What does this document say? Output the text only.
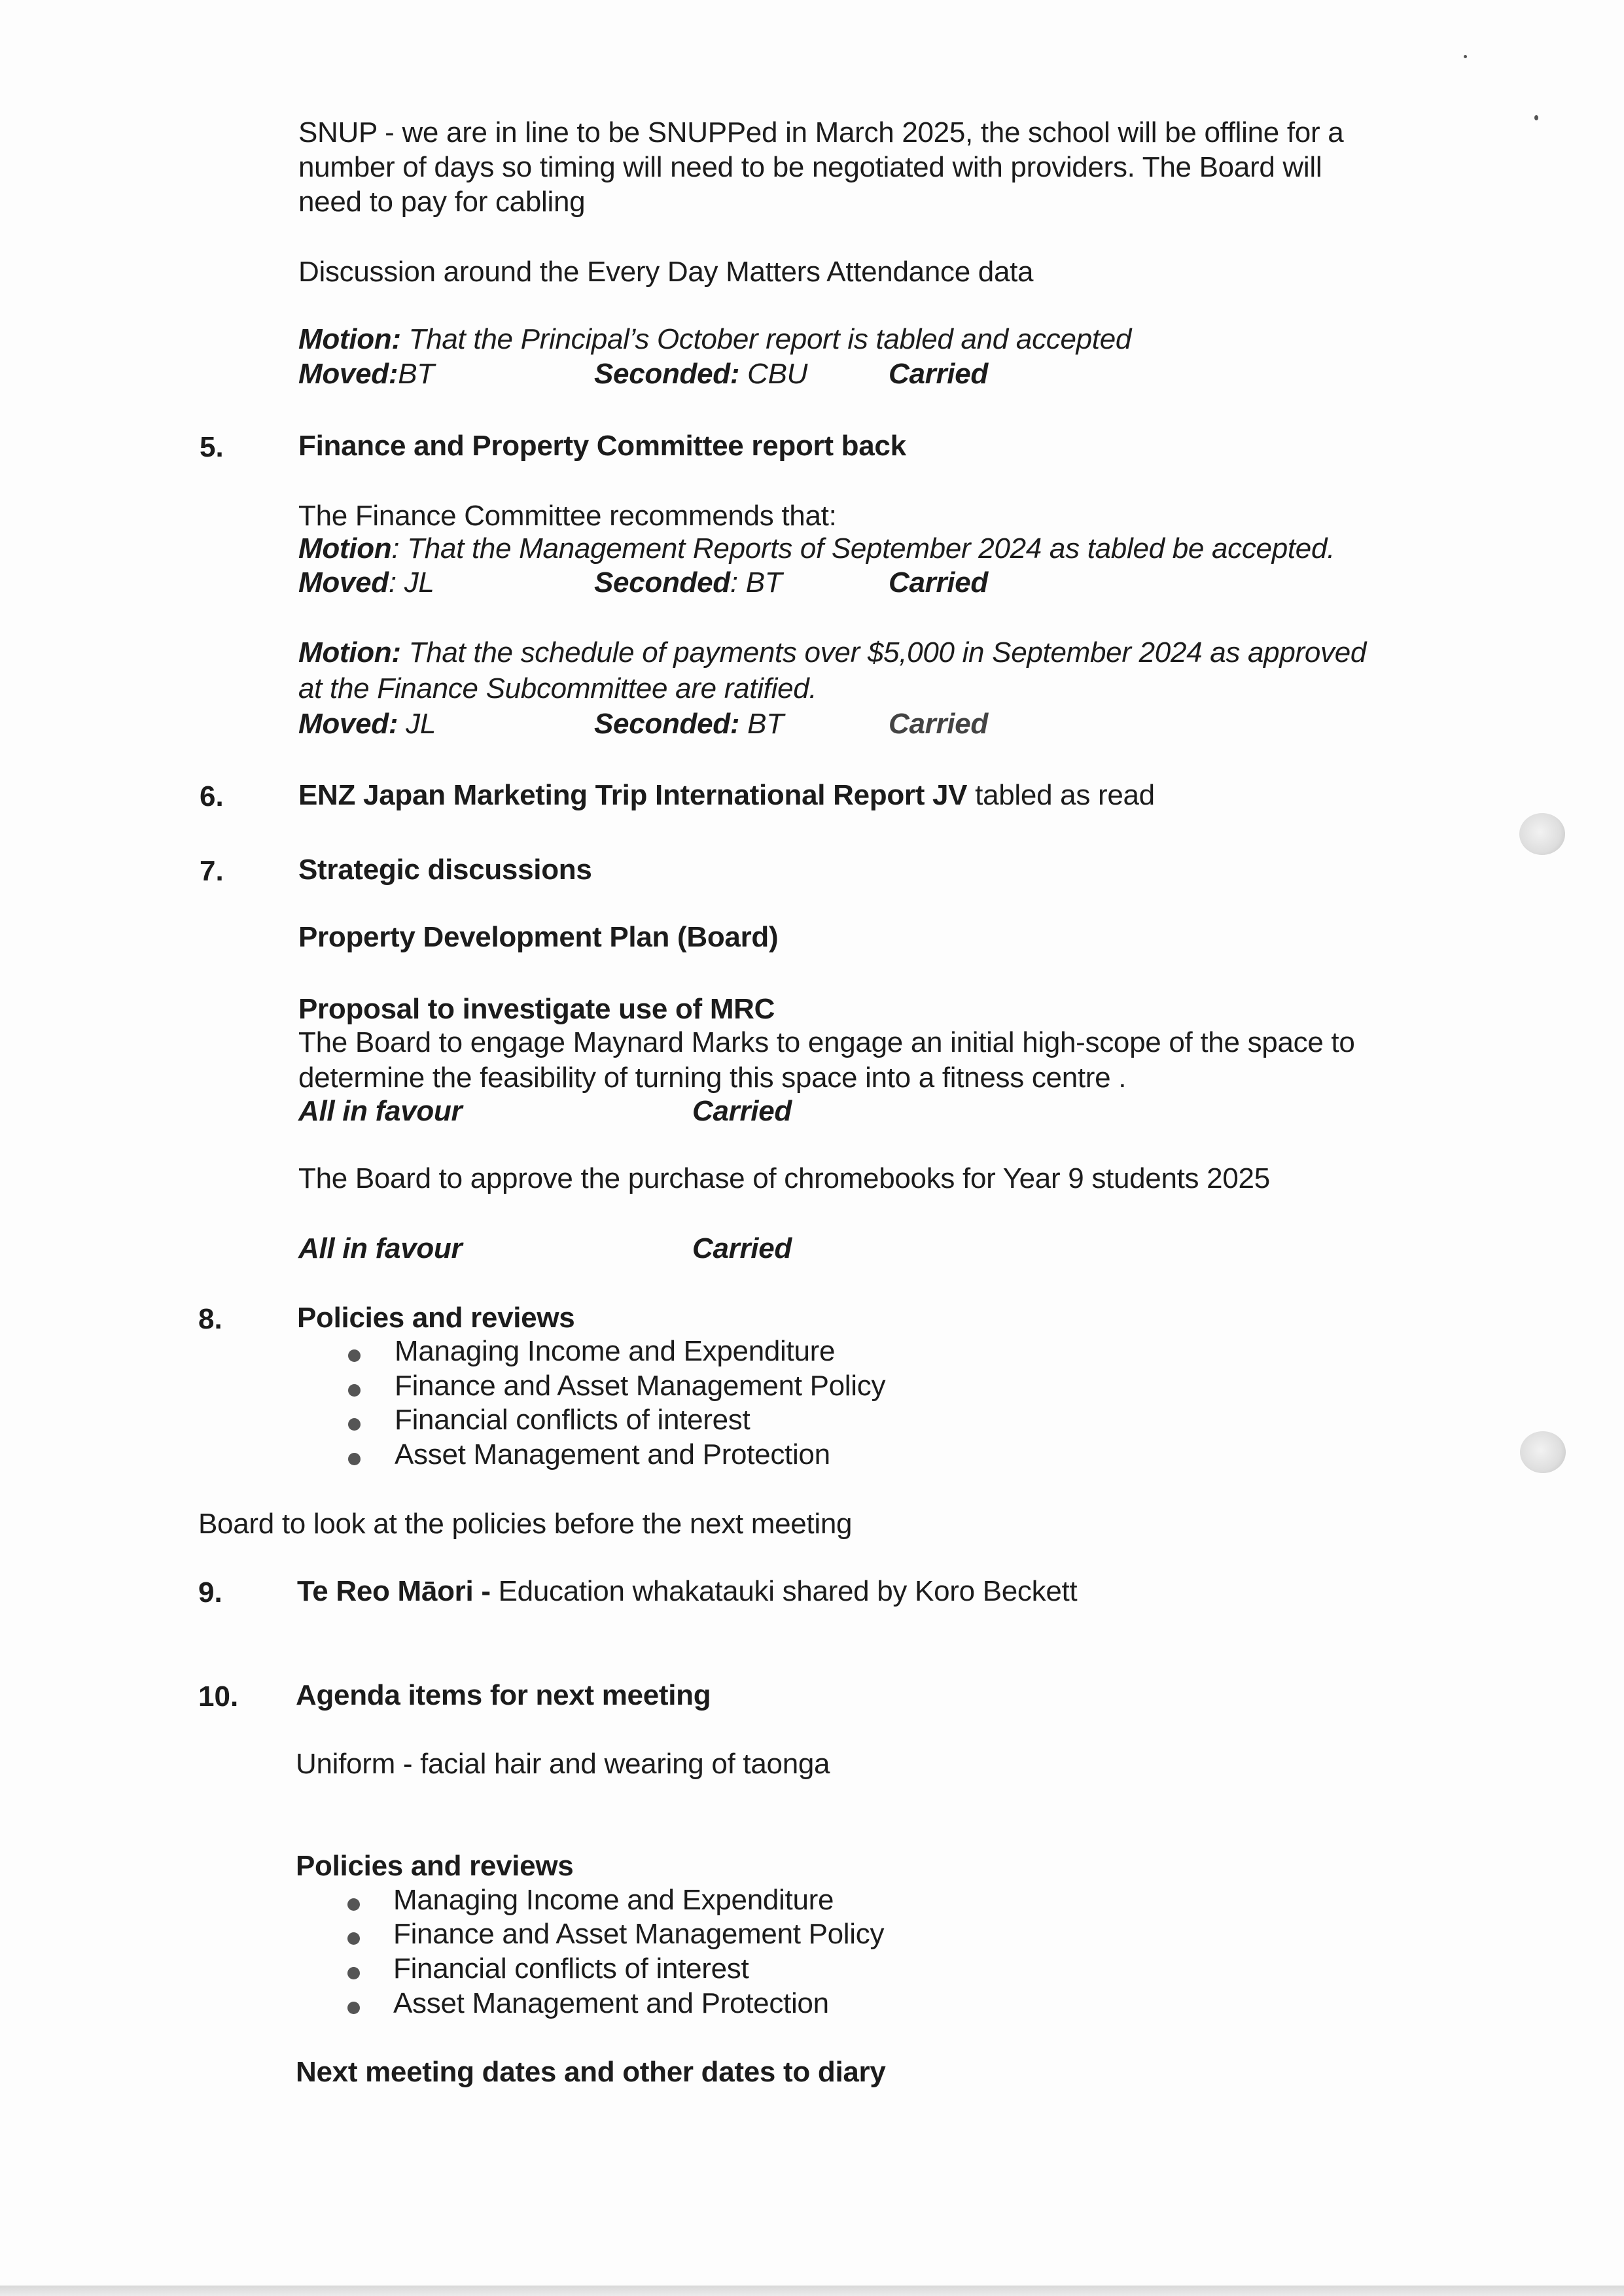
SNUP - we are in line to be SNUPPed in March 2025, the school will be offline for a
number of days so timing will need to be negotiated with providers. The Board will
need to pay for cabling
Discussion around the Every Day Matters Attendance data
Motion: That the Principal’s October report is tabled and accepted
Moved:BT	Seconded: CBU	Carried
5.	Finance and Property Committee report back
The Finance Committee recommends that:
Motion: That the Management Reports of September 2024 as tabled be accepted.
Moved: JL	Seconded: BT	Carried
Motion: That the schedule of payments over $5,000 in September 2024 as approved
at the Finance Subcommittee are ratified.
Moved: JL	Seconded: BT	Carried
6.	ENZ Japan Marketing Trip International Report JV tabled as read
7.	Strategic discussions
Property Development Plan (Board)
Proposal to investigate use of MRC
The Board to engage Maynard Marks to engage an initial high-scope of the space to
determine the feasibility of turning this space into a fitness centre .
All in favour	Carried
The Board to approve the purchase of chromebooks for Year 9 students 2025
All in favour	Carried
8.	Policies and reviews
Managing Income and Expenditure
Finance and Asset Management Policy
Financial conflicts of interest
Asset Management and Protection
Board to look at the policies before the next meeting
9.	Te Reo Māori - Education whakatauki shared by Koro Beckett
10. Agenda items for next meeting
Uniform - facial hair and wearing of taonga
Policies and reviews
Managing Income and Expenditure
Finance and Asset Management Policy
Financial conflicts of interest
Asset Management and Protection
Next meeting dates and other dates to diary
